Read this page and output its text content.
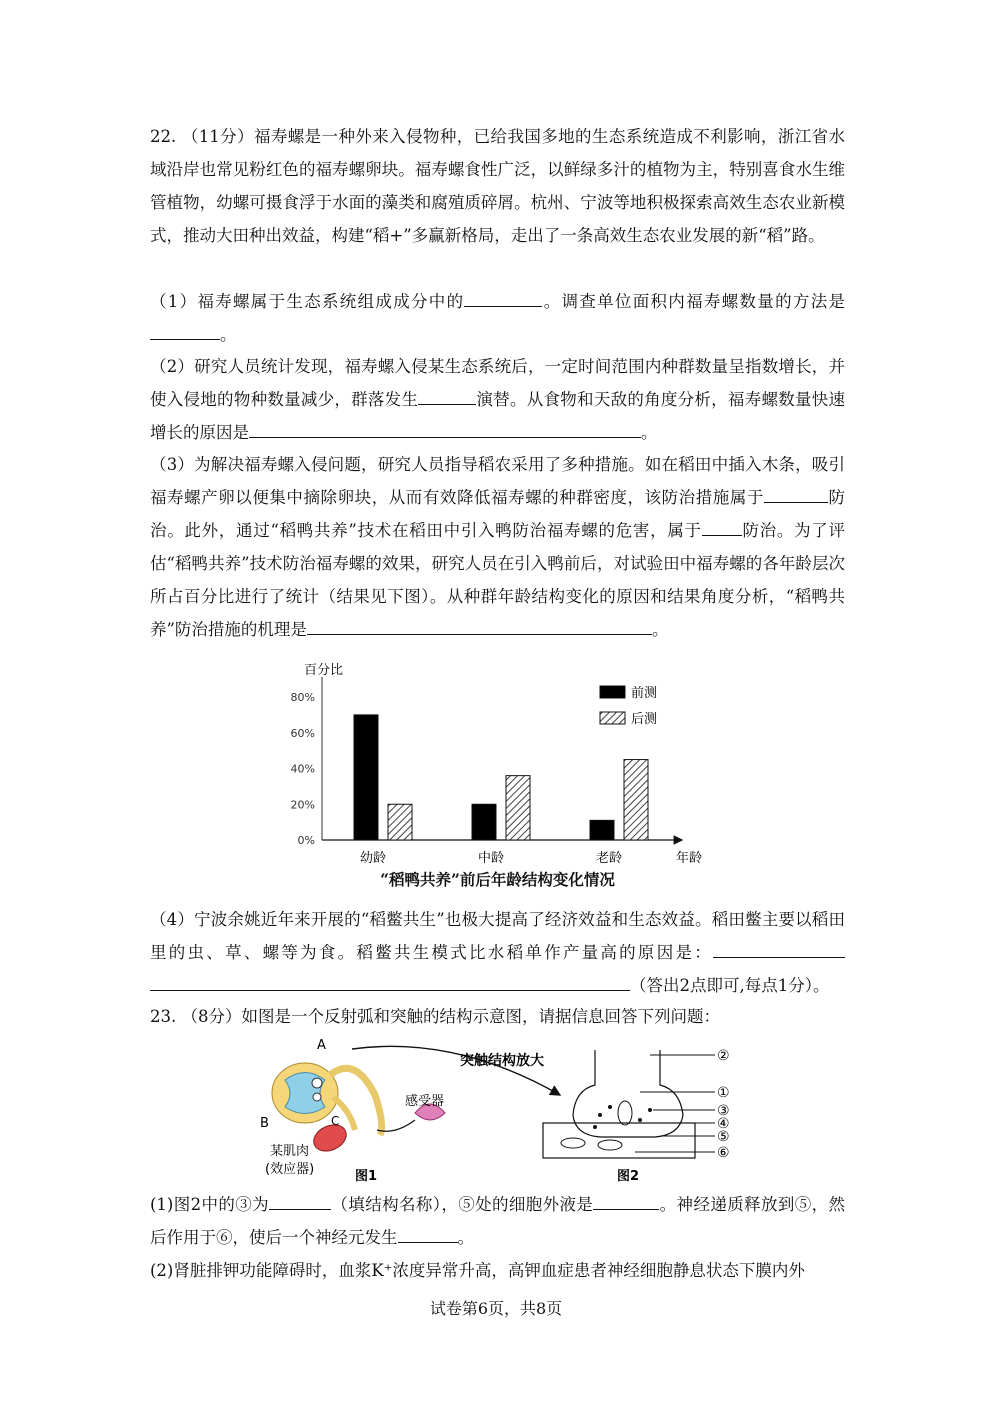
22. （11分）福寿螺是一种外来入侵物种，已给我国多地的生态系统造成不利影响，浙江省水域沿岸也常见粉红色的福寿螺卵块。福寿螺食性广泛，以鲜绿多汁的植物为主，特别喜食水生维管植物，幼螺可摄食浮于水面的藻类和腐殖质碎屑。杭州、宁波等地积极探索高效生态农业新模式，推动大田种出效益，构建“稻+”多赢新格局，走出了一条高效生态农业发展的新“稻”路。

（1）福寿螺属于生态系统组成成分中的	。调查单位面积内福寿螺数量的方法是。

（2）研究人员统计发现，福寿螺入侵某生态系统后，一定时间范围内种群数量呈指数增长，并使入侵地的物种数量减少，群落发生	演替。从食物和天敌的角度分析，福寿螺数量快速增长的原因是	。

（3）为解决福寿螺入侵问题，研究人员指导稻农采用了多种措施。如在稻田中插入木条，吸引福寿螺产卵以便集中摘除卵块，从而有效降低福寿螺的种群密度，该防治措施属于	防治。此外，通过“稻鸭共养”技术在稻田中引入鸭防治福寿螺的危害，属于 防治。为了评估“稻鸭共养”技术防治福寿螺的效果，研究人员在引入鸭前后，对试验田中福寿螺的各年龄层次所占百分比进行了统计（结果见下图）。从种群年龄结构变化的原因和结果角度分析，“稻鸭共养”防治措施的机理是	。

百分比
0%
20%
40%
60%
80%
幼龄	中龄	老龄	年龄
前测
后测
“稻鸭共养”前后年龄结构变化情况

（4）宁波余姚近年来开展的“稻鳖共生”也极大提高了经济效益和生态效益。稻田鳖主要以稻田里的虫、草、螺等为食。稻鳖共生模式比水稻单作产量高的原因是：（答出2点即可,每点1分）。

23. （8分）如图是一个反射弧和突触的结构示意图，请据信息回答下列问题：

A
B	C
感受器
某肌肉
(效应器)	图1
突触结构放大	②
①
③
④
⑤
⑥
图2

(1)图2中的③为	（填结构名称），⑤处的细胞外液是	。神经递质释放到⑤，然后作用于⑥，使后一个神经元发生	。

(2)肾脏排钾功能障碍时，血浆K⁺浓度异常升高，高钾血症患者神经细胞静息状态下膜内外

试卷第6页，共8页
